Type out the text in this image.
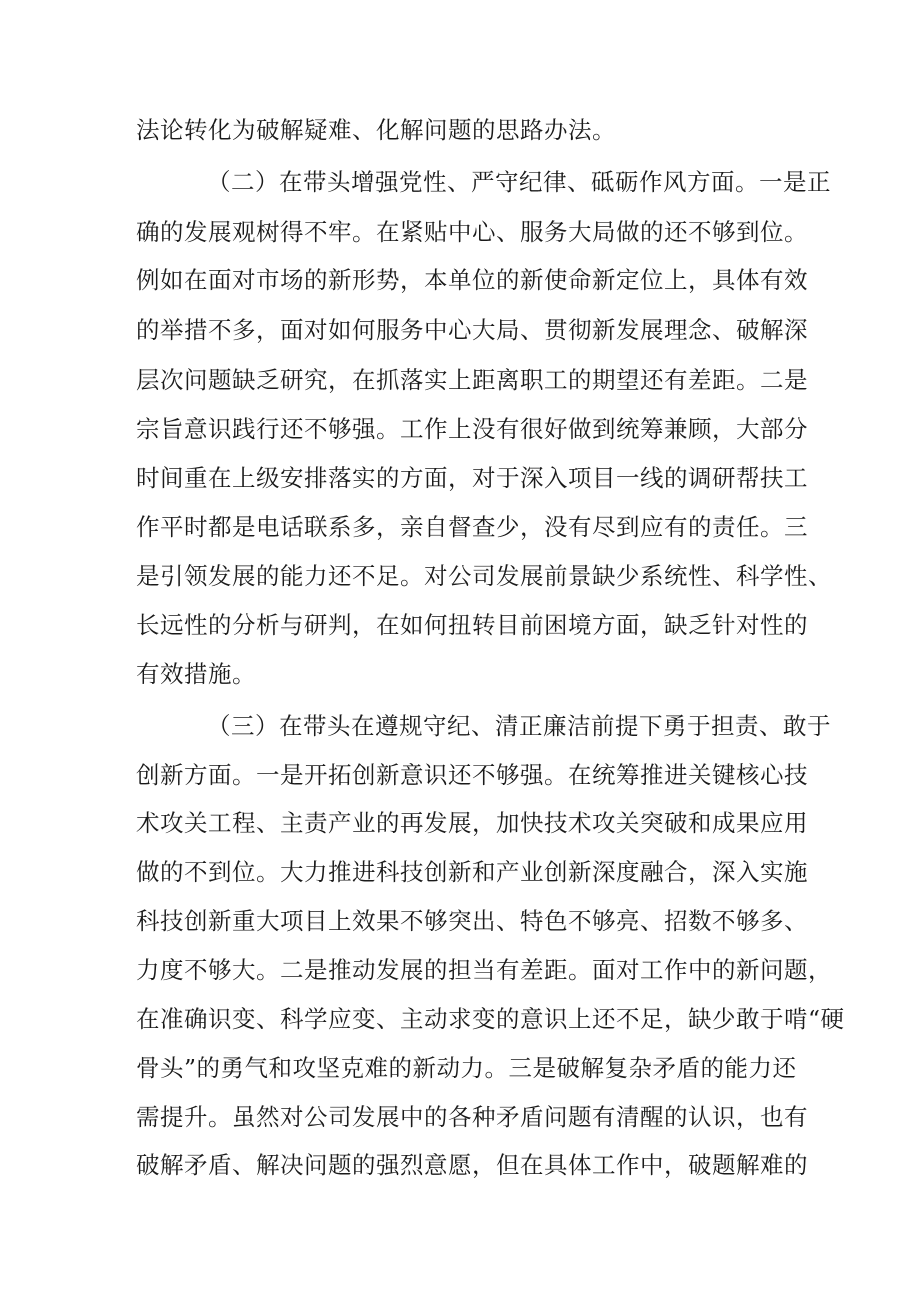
法论转化为破解疑难、化解问题的思路办法。
（二）在带头增强党性、严守纪律、砥砺作风方面。一是正
确的发展观树得不牢。在紧贴中心、服务大局做的还不够到位。
例如在面对市场的新形势，本单位的新使命新定位上，具体有效
的举措不多，面对如何服务中心大局、贯彻新发展理念、破解深
层次问题缺乏研究，在抓落实上距离职工的期望还有差距。二是
宗旨意识践行还不够强。工作上没有很好做到统筹兼顾，大部分
时间重在上级安排落实的方面，对于深入项目一线的调研帮扶工
作平时都是电话联系多，亲自督查少，没有尽到应有的责任。三
是引领发展的能力还不足。对公司发展前景缺少系统性、科学性、
长远性的分析与研判，在如何扭转目前困境方面，缺乏针对性的
有效措施。
（三）在带头在遵规守纪、清正廉洁前提下勇于担责、敢于
创新方面。一是开拓创新意识还不够强。在统筹推进关键核心技
术攻关工程、主责产业的再发展，加快技术攻关突破和成果应用
做的不到位。大力推进科技创新和产业创新深度融合，深入实施
科技创新重大项目上效果不够突出、特色不够亮、招数不够多、
力度不够大。二是推动发展的担当有差距。面对工作中的新问题，
在准确识变、科学应变、主动求变的意识上还不足，缺少敢于啃“硬
骨头”的勇气和攻坚克难的新动力。三是破解复杂矛盾的能力还
需提升。虽然对公司发展中的各种矛盾问题有清醒的认识，也有
破解矛盾、解决问题的强烈意愿，但在具体工作中，破题解难的
